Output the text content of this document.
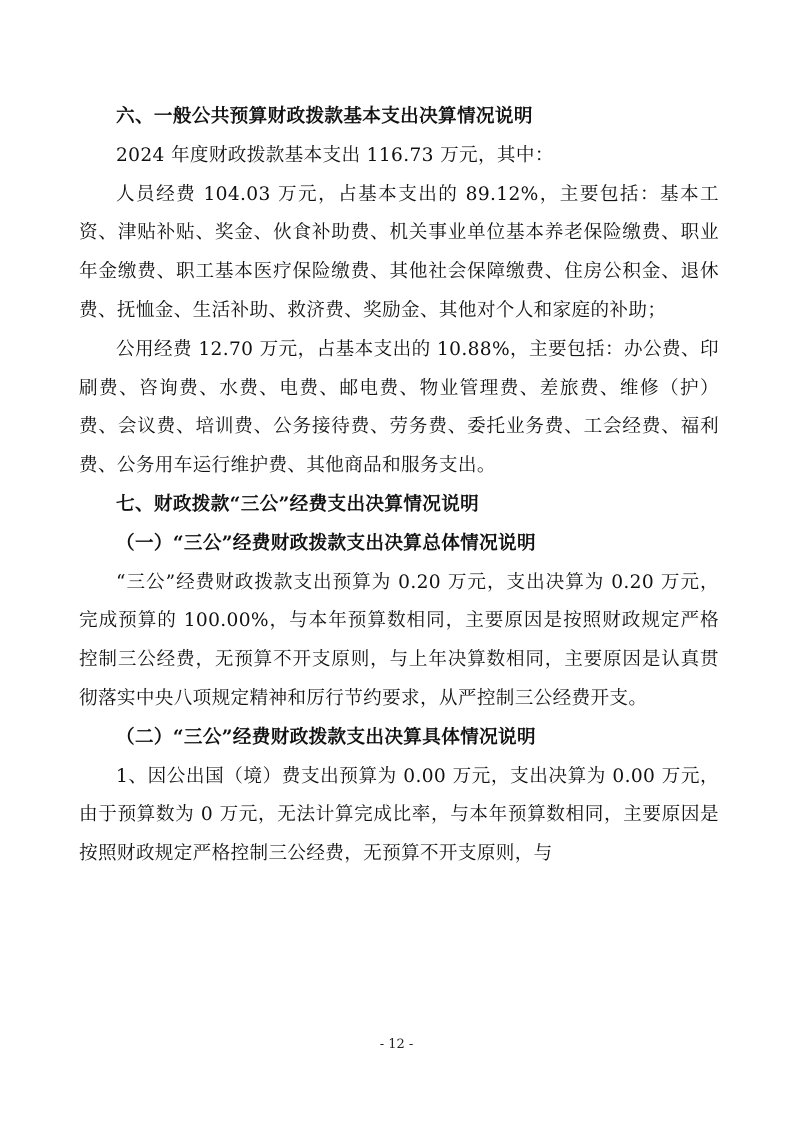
六、一般公共预算财政拨款基本支出决算情况说明

2024 年度财政拨款基本支出 116.73 万元，其中：

人员经费 104.03 万元，占基本支出的 89.12%，主要包括：基本工资、津贴补贴、奖金、伙食补助费、机关事业单位基本养老保险缴费、职业年金缴费、职工基本医疗保险缴费、其他社会保障缴费、住房公积金、退休费、抚恤金、生活补助、救济费、奖励金、其他对个人和家庭的补助；

公用经费 12.70 万元，占基本支出的 10.88%，主要包括：办公费、印刷费、咨询费、水费、电费、邮电费、物业管理费、差旅费、维修（护）费、会议费、培训费、公务接待费、劳务费、委托业务费、工会经费、福利费、公务用车运行维护费、其他商品和服务支出。

七、财政拨款“三公”经费支出决算情况说明

（一）“三公”经费财政拨款支出决算总体情况说明

“三公”经费财政拨款支出预算为 0.20 万元，支出决算为 0.20 万元，完成预算的 100.00%，与本年预算数相同，主要原因是按照财政规定严格控制三公经费，无预算不开支原则，与上年决算数相同，主要原因是认真贯彻落实中央八项规定精神和厉行节约要求，从严控制三公经费开支。

（二）“三公”经费财政拨款支出决算具体情况说明

1、因公出国（境）费支出预算为 0.00 万元，支出决算为 0.00 万元，由于预算数为 0 万元，无法计算完成比率，与本年预算数相同，主要原因是按照财政规定严格控制三公经费，无预算不开支原则，与

- 12 -
